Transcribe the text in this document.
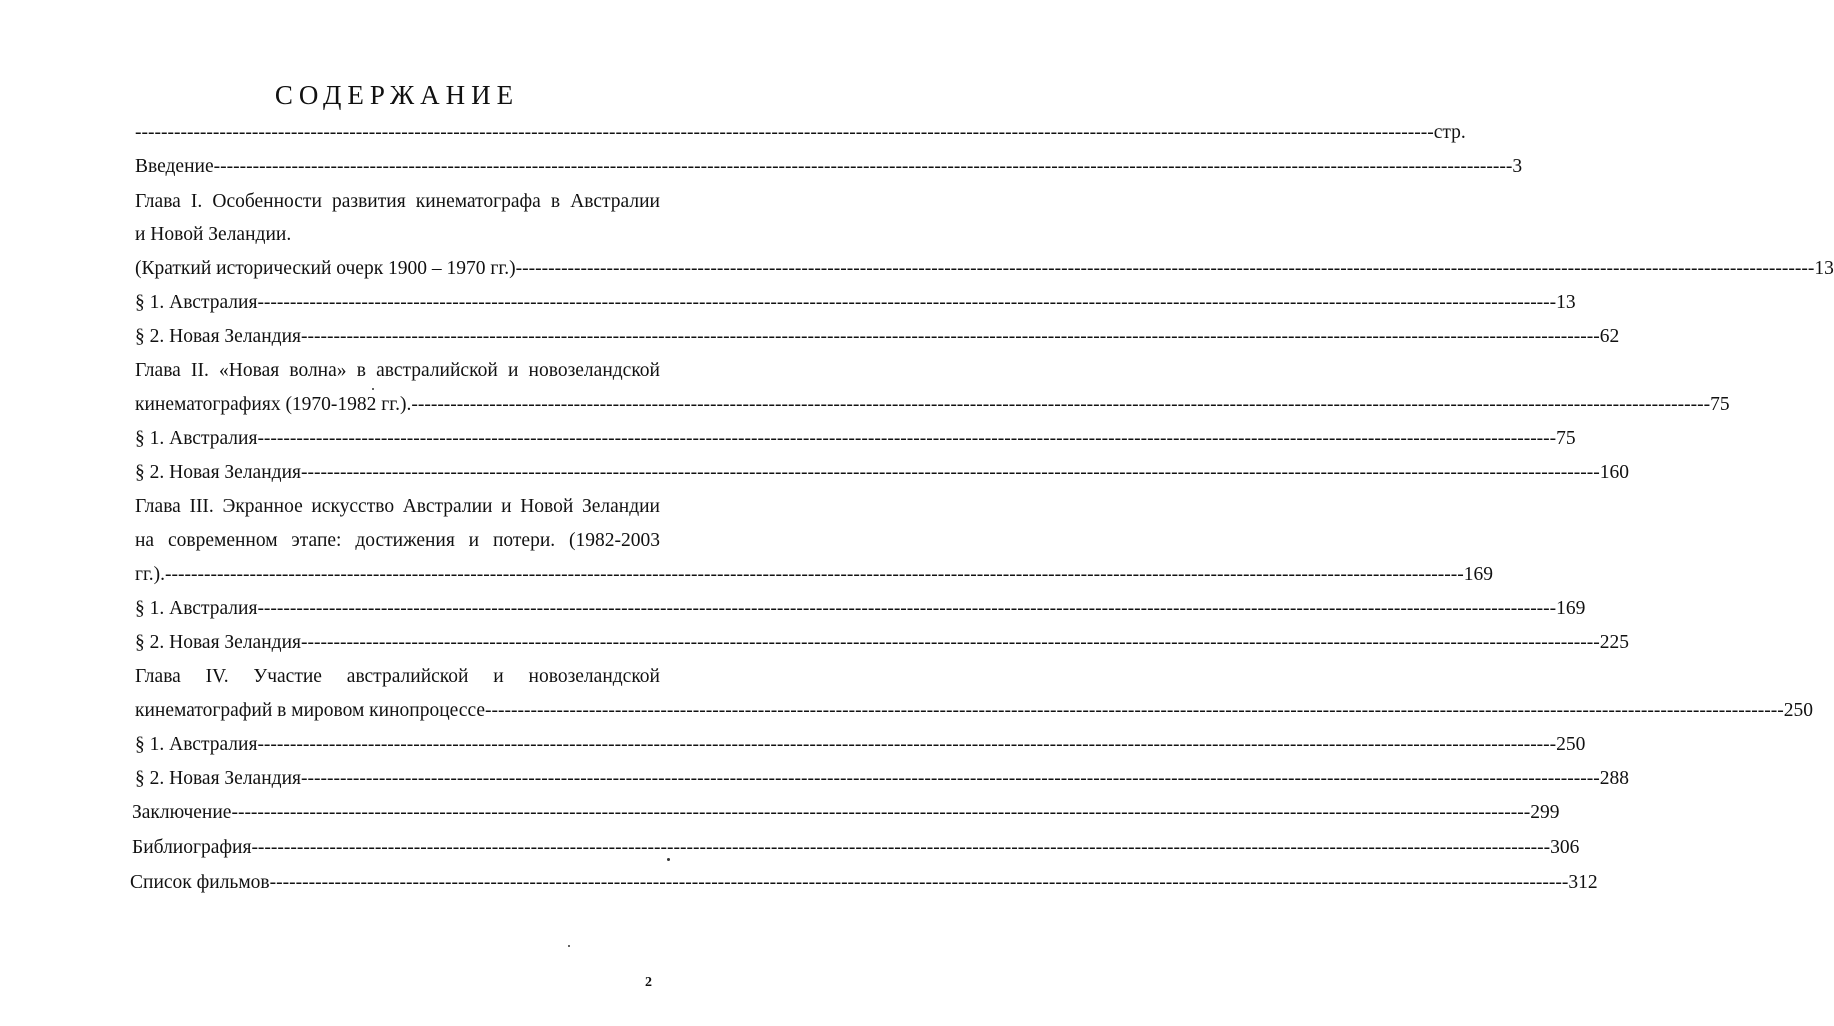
СОДЕРЖАНИЕ
-------------------------------------------------------------------------------------------------------------------------------------------------------------------------------------------------------- стр.
Введение -------------------------------------------------------------------------------------------------------------------------------------------------------------------------------------------------------- 3
Глава I. Особенности развития кинематографа в Австралии
и Новой Зеландии.
(Краткий исторический очерк 1900 – 1970 гг.) -------------------------------------------------------------------------------------------------------------------------------------------------------------------------------------------------------- 13
§ 1. Австралия -------------------------------------------------------------------------------------------------------------------------------------------------------------------------------------------------------- 13
§ 2. Новая Зеландия -------------------------------------------------------------------------------------------------------------------------------------------------------------------------------------------------------- 62
Глава II. «Новая волна» в австралийской и новозеландской
кинематографиях (1970-1982 гг.). -------------------------------------------------------------------------------------------------------------------------------------------------------------------------------------------------------- 75
§ 1. Австралия -------------------------------------------------------------------------------------------------------------------------------------------------------------------------------------------------------- 75
§ 2. Новая Зеландия -------------------------------------------------------------------------------------------------------------------------------------------------------------------------------------------------------- 160
Глава III. Экранное искусство Австралии и Новой Зеландии
на современном этапе: достижения и потери. (1982-2003
гг.). -------------------------------------------------------------------------------------------------------------------------------------------------------------------------------------------------------- 169
§ 1. Австралия -------------------------------------------------------------------------------------------------------------------------------------------------------------------------------------------------------- 169
§ 2. Новая Зеландия -------------------------------------------------------------------------------------------------------------------------------------------------------------------------------------------------------- 225
Глава IV. Участие австралийской и новозеландской
кинематографий в мировом кинопроцессе -------------------------------------------------------------------------------------------------------------------------------------------------------------------------------------------------------- 250
§ 1. Австралия -------------------------------------------------------------------------------------------------------------------------------------------------------------------------------------------------------- 250
§ 2. Новая Зеландия -------------------------------------------------------------------------------------------------------------------------------------------------------------------------------------------------------- 288
Заключение -------------------------------------------------------------------------------------------------------------------------------------------------------------------------------------------------------- 299
Библиография -------------------------------------------------------------------------------------------------------------------------------------------------------------------------------------------------------- 306
Список фильмов -------------------------------------------------------------------------------------------------------------------------------------------------------------------------------------------------------- 312
2
